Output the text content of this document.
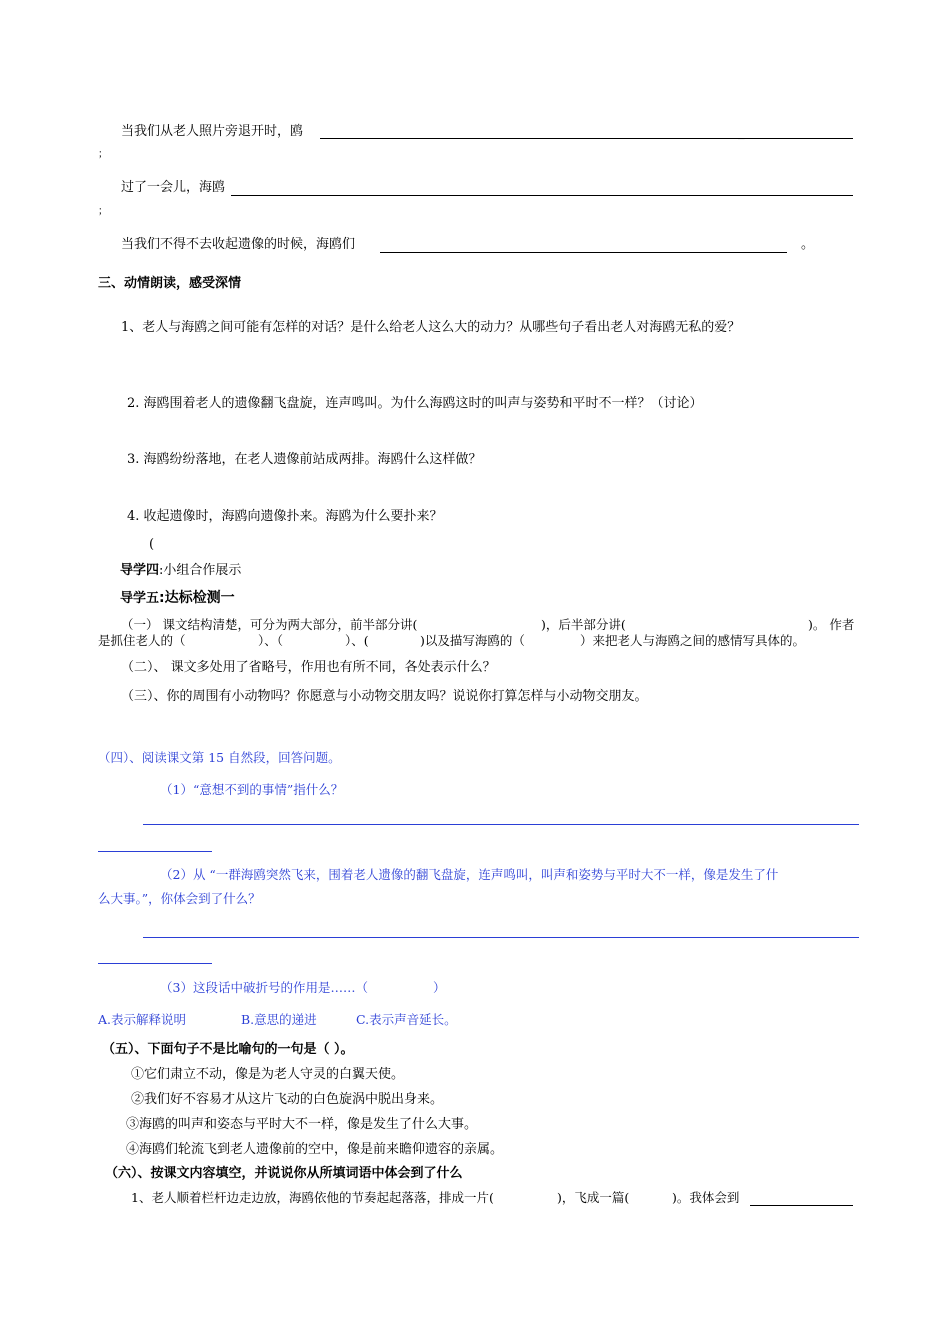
当我们从老人照片旁退开时，鸥	_
；
过了一会儿，海鸥
；
当我们不得不去收起遗像的时候，海鸥们	。
三、动情朗读，感受深情
1、老人与海鸥之间可能有怎样的对话？是什么给老人这么大的动力？从哪些句子看出老人对海鸥无私的爱？
2. 海鸥围着老人的遗像翻飞盘旋，连声鸣叫。为什么海鸥这时的叫声与姿势和平时不一样？（讨论）
3. 海鸥纷纷落地，在老人遗像前站成两排。海鸥什么这样做？
4. 收起遗像时，海鸥向遗像扑来。海鸥为什么要扑来？
(
导学四:小组合作展示
导学五:达标检测一
（一） 课文结构清楚，可分为两大部分，前半部分讲(	)，后半部分讲(	)。 作者
是抓住老人的（	）、（	）、(	)以及描写海鸥的（	）来把老人与海鸥之间的感情写具体的。
（二）、 课文多处用了省略号，作用也有所不同，各处表示什么？
（三）、你的周围有小动物吗？你愿意与小动物交朋友吗？说说你打算怎样与小动物交朋友。
（四）、阅读课文第 15 自然段，回答问题。
（1）“意想不到的事情”指什么？
（2）从 “一群海鸥突然飞来，围着老人遗像的翻飞盘旋，连声鸣叫，叫声和姿势与平时大不一样，像是发生了什
么大事。”，你体会到了什么？
（3）这段话中破折号的作用是……（	）
A.表示解释说明	B.意思的递进	C.表示声音延长。
（五）、下面句子不是比喻句的一句是（ ）。
①它们肃立不动，像是为老人守灵的白翼天使。
②我们好不容易才从这片飞动的白色旋涡中脱出身来。
③海鸥的叫声和姿态与平时大不一样，像是发生了什么大事。
④海鸥们轮流飞到老人遗像前的空中，像是前来瞻仰遗容的亲属。
（六）、按课文内容填空，并说说你从所填词语中体会到了什么
1、老人顺着栏杆边走边放，海鸥依他的节奏起起落落，排成一片(	)，飞成一篇(	)。我体会到
